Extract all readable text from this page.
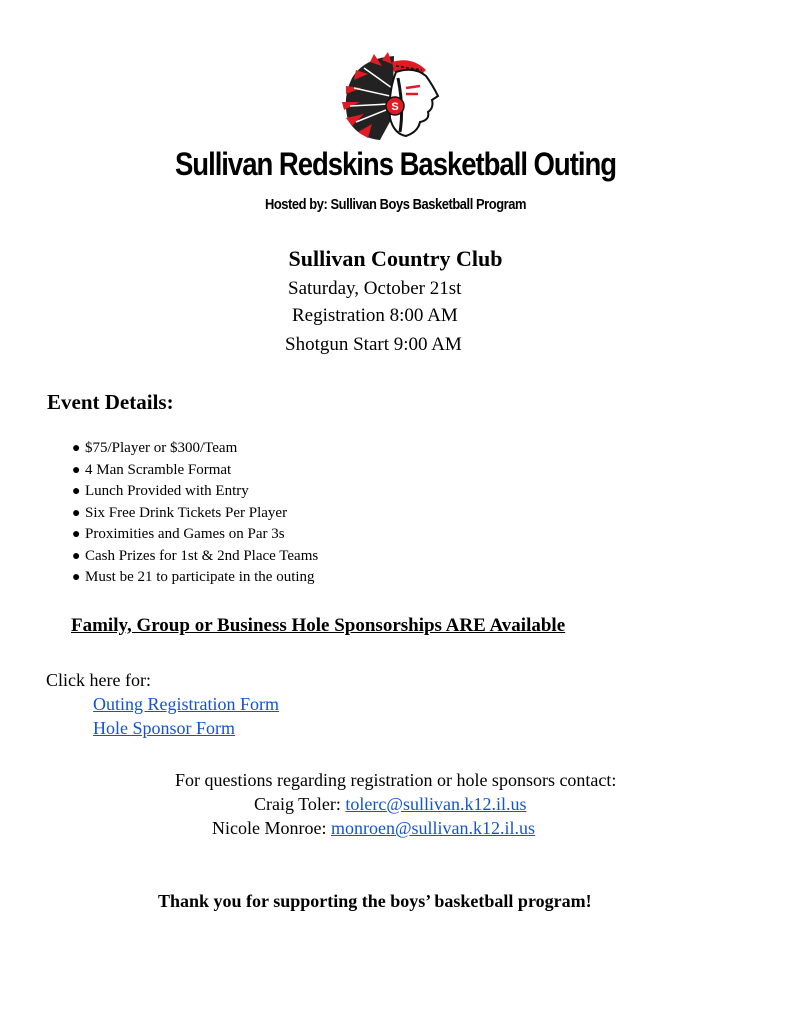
S
Sullivan Redskins Basketball Outing
Hosted by: Sullivan Boys Basketball Program
Sullivan Country Club
Saturday, October 21st
Registration 8:00 AM
Shotgun Start 9:00 AM
Event Details:
● $75/Player or $300/Team
● 4 Man Scramble Format
● Lunch Provided with Entry
● Six Free Drink Tickets Per Player
● Proximities and Games on Par 3s
● Cash Prizes for 1st & 2nd Place Teams
● Must be 21 to participate in the outing
Family, Group or Business Hole Sponsorships ARE Available
Click here for:
Outing Registration Form
Hole Sponsor Form
For questions regarding registration or hole sponsors contact:
Craig Toler: tolerc@sullivan.k12.il.us
Nicole Monroe: monroen@sullivan.k12.il.us
Thank you for supporting the boys’ basketball program!
